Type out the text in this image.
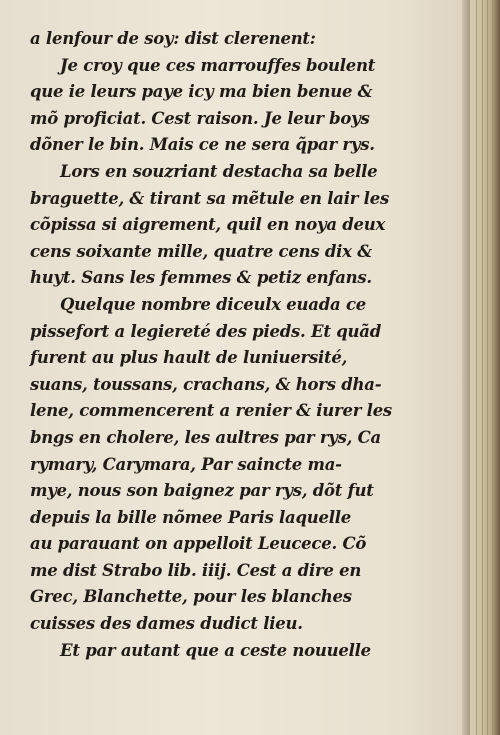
a lenfour de soy: dist clerenent:
Je croy que ces marrouffes boulent
que ie leurs paye icy ma bien benue &
mõ proficiat. Cest raison. Je leur boys
dõner le bin. Mais ce ne sera q̃par rys.
Lors en souzriant destacha sa belle
braguette, & tirant sa mẽtule en lair les
cõpissa si aigrement, quil en noya deux
cens soixante mille, quatre cens dix &
huyt. Sans les femmes & petiz enfans.
Quelque nombre diceulx euada ce
pissefort a legiereté des pieds. Et quãd
furent au plus hault de luniuersité,
suans, toussans, crachans, & hors dha-
lene, commencerent a renier & iurer les
bngs en cholere, les aultres par rys, Ca
rymary, Carymara, Par saincte ma-
mye, nous son baignez par rys, dõt fut
depuis la bille nõmee Paris laquelle
au parauant on appelloit Leucece. Cõ
me dist Strabo lib. iiij. Cest a dire en
Grec, Blanchette, pour les blanches
cuisses des dames dudict lieu.
Et par autant que a ceste nouuelle
